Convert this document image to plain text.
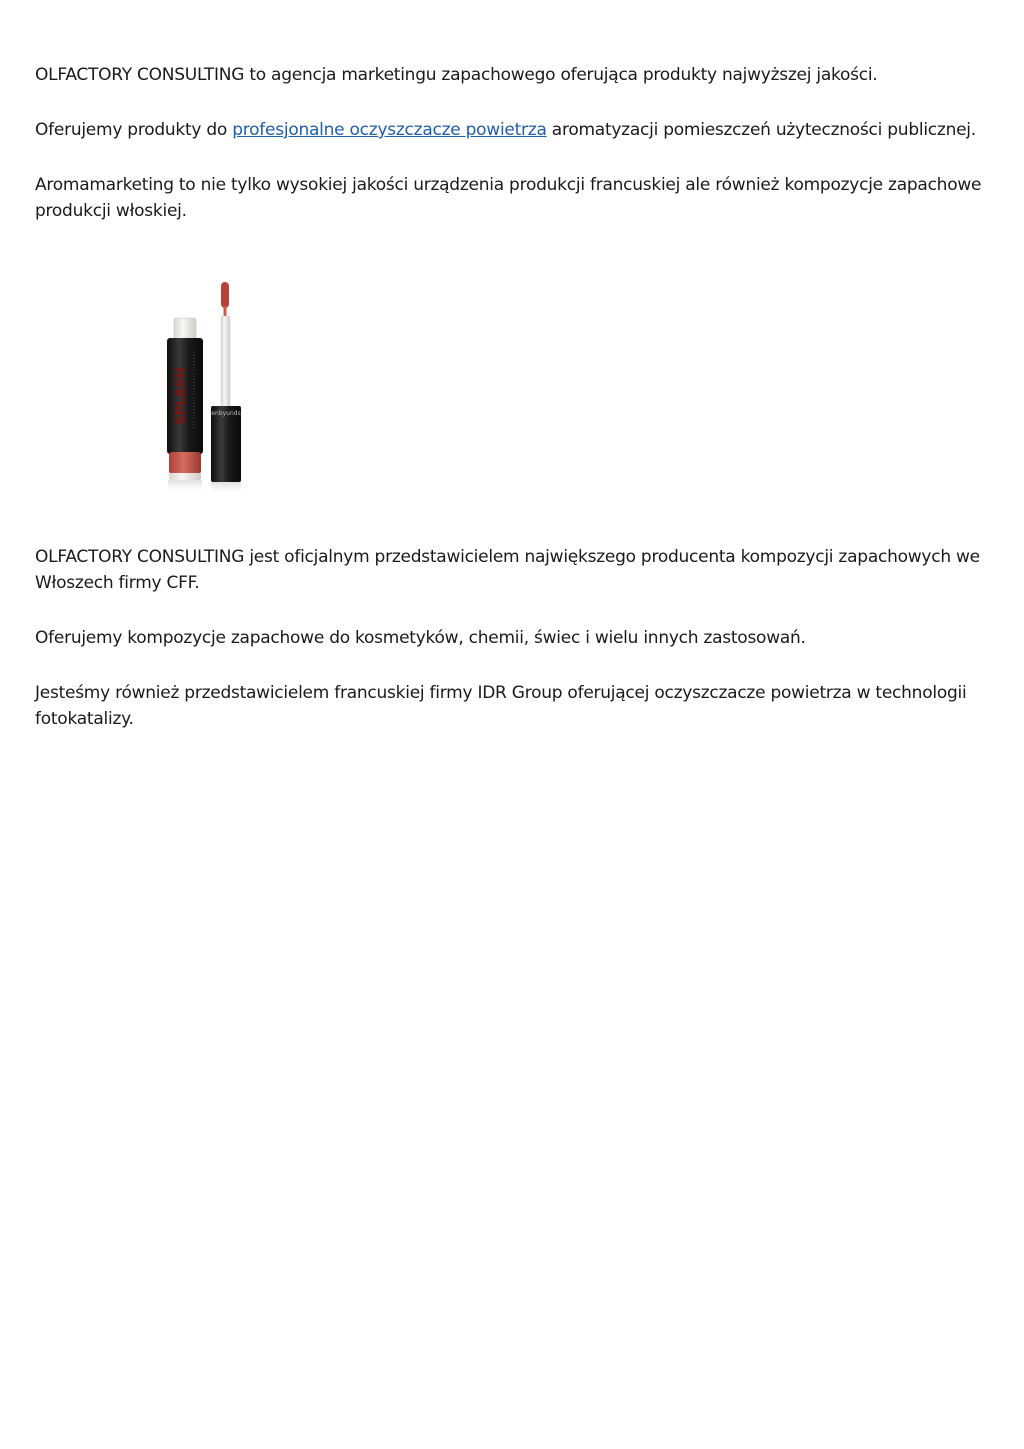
OLFACTORY CONSULTING to agencja marketingu zapachowego oferująca produkty najwyższej jakości.

Oferujemy produkty do profesjonalne oczyszczacze powietrza aromatyzacji pomieszczeń użyteczności publicznej.

Aromamarketing to nie tylko wysokiej jakości urządzenia produkcji francuskiej ale również kompozycje zapachowe produkcji włoskiej.

SPLASH	enbyunds

OLFACTORY CONSULTING jest oficjalnym przedstawicielem największego producenta kompozycji zapachowych we Włoszech firmy CFF.

Oferujemy kompozycje zapachowe do kosmetyków, chemii, świec i wielu innych zastosowań.

Jesteśmy również przedstawicielem francuskiej firmy IDR Group oferującej oczyszczacze powietrza w technologii fotokatalizy.
